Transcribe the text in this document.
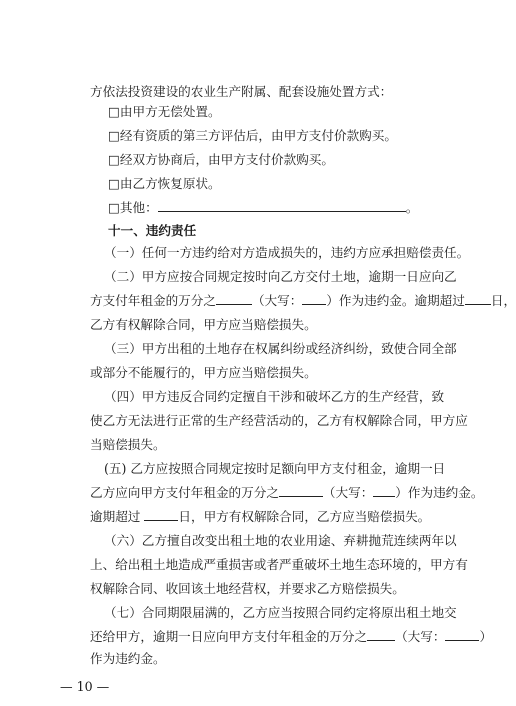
方依法投资建设的农业生产附属、配套设施处置方式：
□由甲方无偿处置。
□经有资质的第三方评估后，由甲方支付价款购买。
□经双方协商后，由甲方支付价款购买。
□由乙方恢复原状。
□其他：	。
十一、违约责任
（一）任何一方违约给对方造成损失的，违约方应承担赔偿责任。
（二）甲方应按合同规定按时向乙方交付土地，逾期一日应向乙
方支付年租金的万分之	（大写： ）作为违约金。逾期超过 日，
乙方有权解除合同，甲方应当赔偿损失。
（三）甲方出租的土地存在权属纠纷或经济纠纷，致使合同全部
或部分不能履行的，甲方应当赔偿损失。
（四）甲方违反合同约定擅自干涉和破坏乙方的生产经营，致
使乙方无法进行正常的生产经营活动的，乙方有权解除合同，甲方应
当赔偿损失。
(五) 乙方应按照合同规定按时足额向甲方支付租金，逾期一日
乙方应向甲方支付年租金的万分之	（大写： ）作为违约金。
逾期超过	日，甲方有权解除合同，乙方应当赔偿损失。
（六）乙方擅自改变出租土地的农业用途、弃耕抛荒连续两年以
上、给出租土地造成严重损害或者严重破坏土地生态环境的，甲方有
权解除合同、收回该土地经营权，并要求乙方赔偿损失。
（七）合同期限届满的，乙方应当按照合同约定将原出租土地交
还给甲方，逾期一日应向甲方支付年租金的万分之 （大写：	）
作为违约金。
— 10 —
